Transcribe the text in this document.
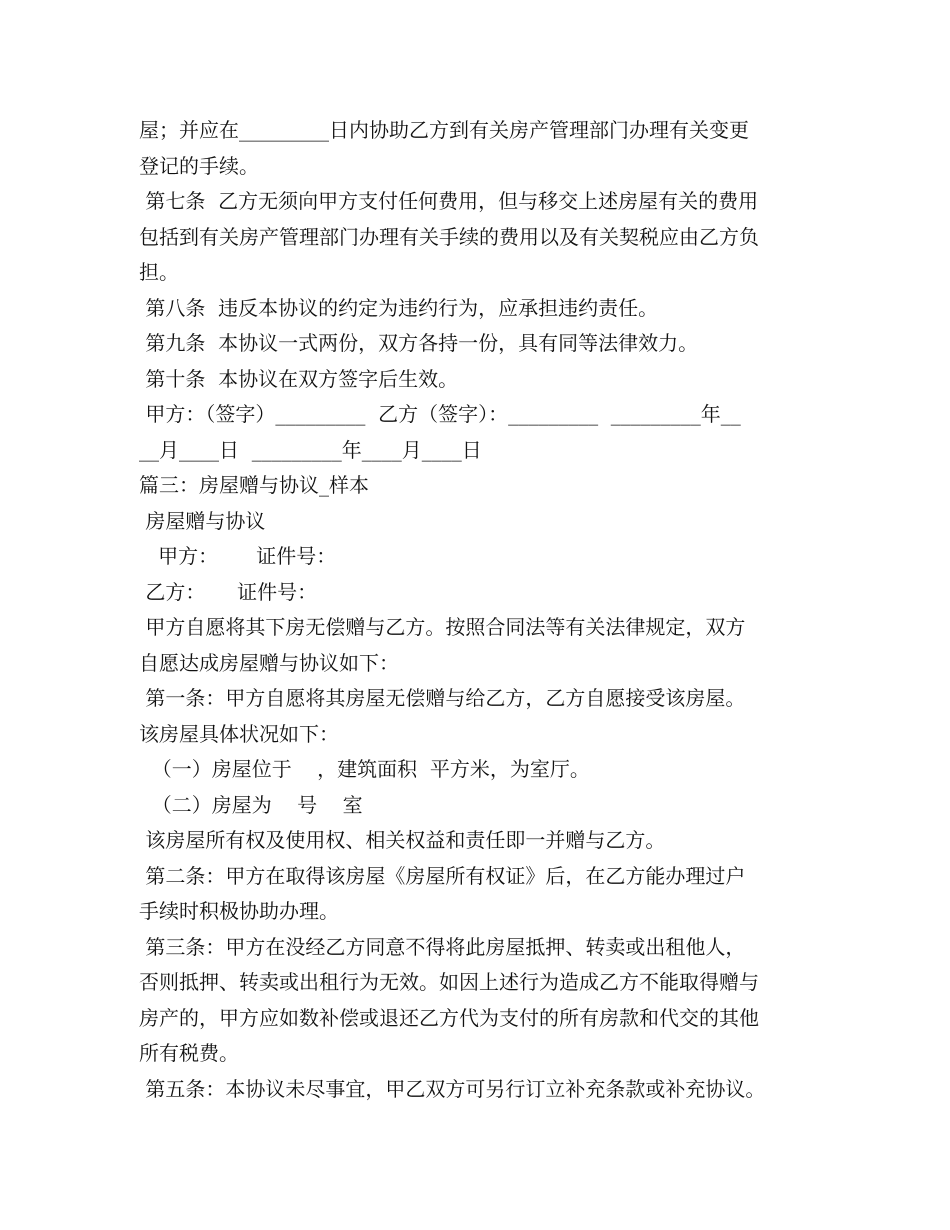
屋；并应在_________日内协助乙方到有关房产管理部门办理有关变更
登记的手续。
第七条  乙方无须向甲方支付任何费用，但与移交上述房屋有关的费用
包括到有关房产管理部门办理有关手续的费用以及有关契税应由乙方负
担。
第八条  违反本协议的约定为违约行为，应承担违约责任。
第九条  本协议一式两份，双方各持一份，具有同等法律效力。
第十条  本协议在双方签字后生效。
甲方：（签字）_________  乙方（签字）：_________  _________年__
__月____日  _________年____月____日
篇三：房屋赠与协议_样本
房屋赠与协议
甲方：      证件号：
乙方：     证件号：
甲方自愿将其下房无偿赠与乙方。按照合同法等有关法律规定，双方
自愿达成房屋赠与协议如下：
第一条：甲方自愿将其房屋无偿赠与给乙方，乙方自愿接受该房屋。
该房屋具体状况如下：
（一）房屋位于    ，建筑面积  平方米，为室厅。
（二）房屋为    号    室
该房屋所有权及使用权、相关权益和责任即一并赠与乙方。
第二条：甲方在取得该房屋《房屋所有权证》后，在乙方能办理过户
手续时积极协助办理。
第三条：甲方在没经乙方同意不得将此房屋抵押、转卖或出租他人，
否则抵押、转卖或出租行为无效。如因上述行为造成乙方不能取得赠与
房产的，甲方应如数补偿或退还乙方代为支付的所有房款和代交的其他
所有税费。
第五条：本协议未尽事宜，甲乙双方可另行订立补充条款或补充协议。
